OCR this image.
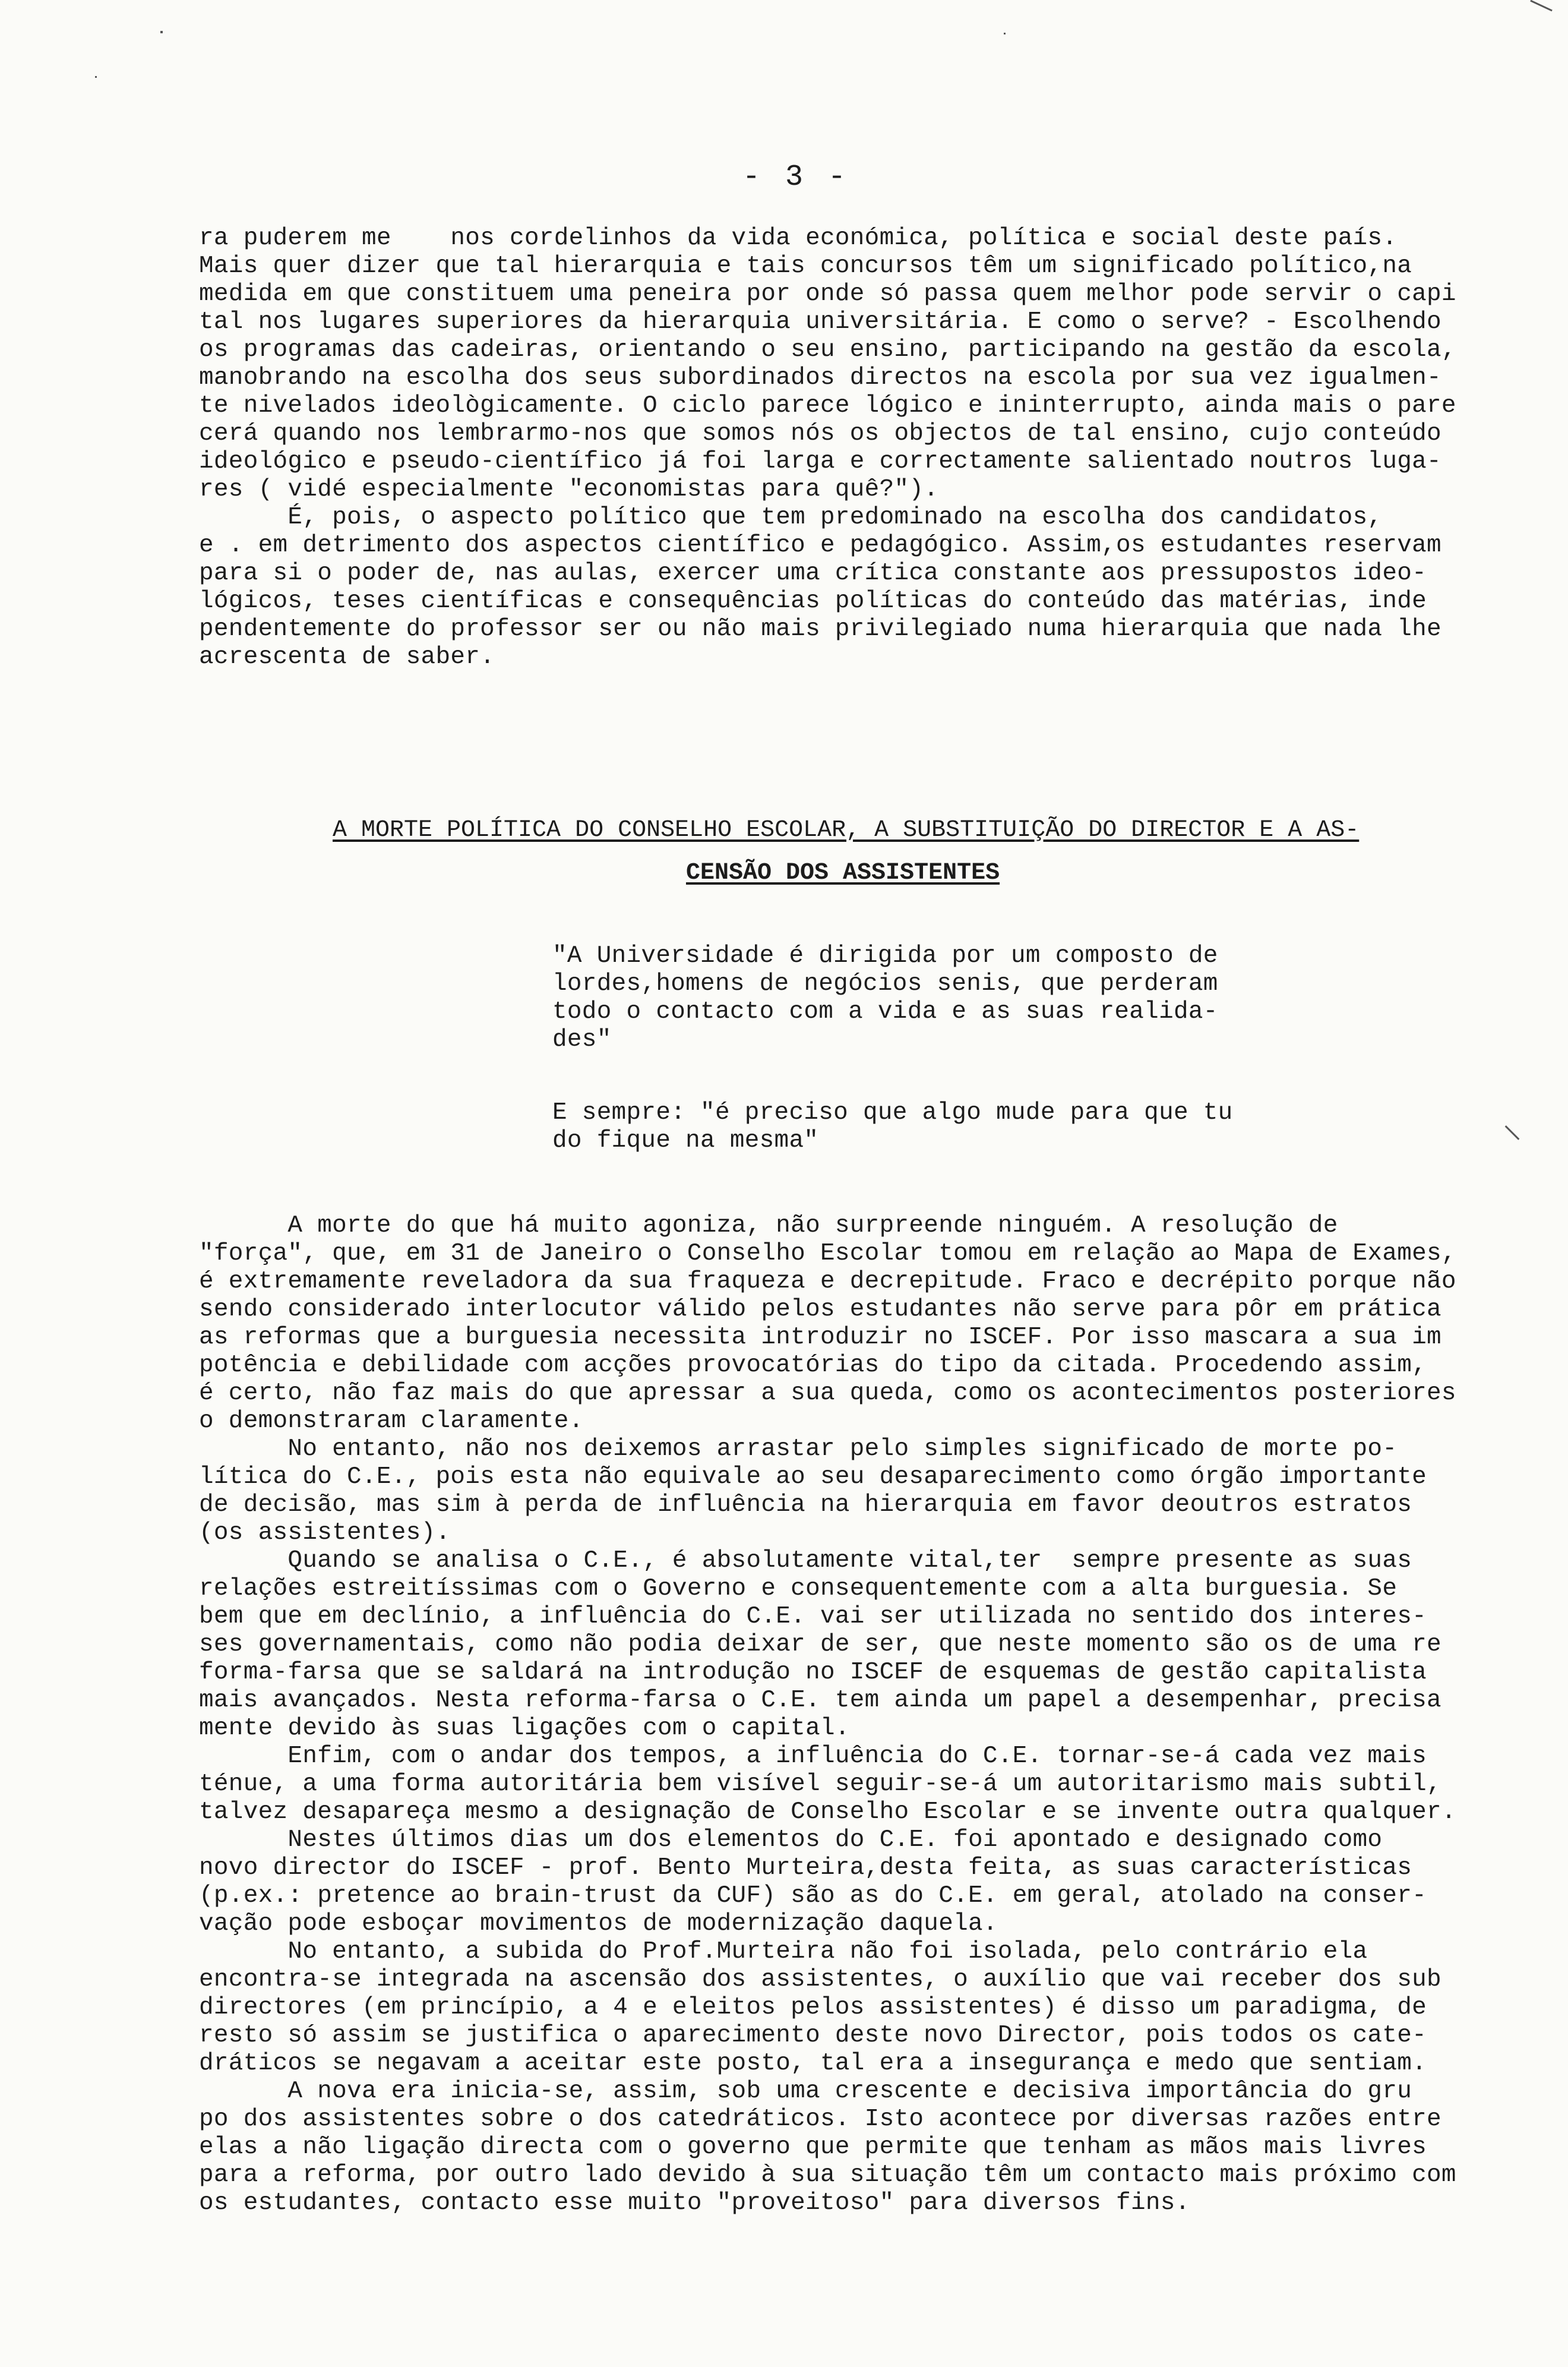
- 3 -

ra puderem me    nos cordelinhos da vida económica, política e social deste país.

Mais quer dizer que tal hierarquia e tais concursos têm um significado político,na

medida em que constituem uma peneira por onde só passa quem melhor pode servir o capi

tal nos lugares superiores da hierarquia universitária. E como o serve? - Escolhendo

os programas das cadeiras, orientando o seu ensino, participando na gestão da escola,

manobrando na escolha dos seus subordinados directos na escola por sua vez igualmen-

te nivelados ideològicamente. O ciclo parece lógico e ininterrupto, ainda mais o pare

cerá quando nos lembrarmo-nos que somos nós os objectos de tal ensino, cujo conteúdo

ideológico e pseudo-científico já foi larga e correctamente salientado noutros luga-

res ( vidé especialmente "economistas para quê?").

É, pois, o aspecto político que tem predominado na escolha dos candidatos,

e . em detrimento dos aspectos científico e pedagógico. Assim,os estudantes reservam

para si o poder de, nas aulas, exercer uma crítica constante aos pressupostos ideo-

lógicos, teses científicas e consequências políticas do conteúdo das matérias, inde

pendentemente do professor ser ou não mais privilegiado numa hierarquia que nada lhe

acrescenta de saber.

A MORTE POLÍTICA DO CONSELHO ESCOLAR, A SUBSTITUIÇÃO DO DIRECTOR E A AS-
CENSÃO DOS ASSISTENTES

"A Universidade é dirigida por um composto de

lordes,homens de negócios senis, que perderam

todo o contacto com a vida e as suas realida-

des"

E sempre: "é preciso que algo mude para que tu

do fique na mesma"

A morte do que há muito agoniza, não surpreende ninguém. A resolução de

"força", que, em 31 de Janeiro o Conselho Escolar tomou em relação ao Mapa de Exames,

é extremamente reveladora da sua fraqueza e decrepitude. Fraco e decrépito porque não

sendo considerado interlocutor válido pelos estudantes não serve para pôr em prática

as reformas que a burguesia necessita introduzir no ISCEF. Por isso mascara a sua im

potência e debilidade com acções provocatórias do tipo da citada. Procedendo assim,

é certo, não faz mais do que apressar a sua queda, como os acontecimentos posteriores

o demonstraram claramente.

No entanto, não nos deixemos arrastar pelo simples significado de morte po-

lítica do C.E., pois esta não equivale ao seu desaparecimento como órgão importante

de decisão, mas sim à perda de influência na hierarquia em favor deoutros estratos

(os assistentes).

Quando se analisa o C.E., é absolutamente vital,ter  sempre presente as suas

relações estreitíssimas com o Governo e consequentemente com a alta burguesia. Se

bem que em declínio, a influência do C.E. vai ser utilizada no sentido dos interes-

ses governamentais, como não podia deixar de ser, que neste momento são os de uma re

forma-farsa que se saldará na introdução no ISCEF de esquemas de gestão capitalista

mais avançados. Nesta reforma-farsa o C.E. tem ainda um papel a desempenhar, precisa

mente devido às suas ligações com o capital.

Enfim, com o andar dos tempos, a influência do C.E. tornar-se-á cada vez mais

ténue, a uma forma autoritária bem visível seguir-se-á um autoritarismo mais subtil,

talvez desapareça mesmo a designação de Conselho Escolar e se invente outra qualquer.

Nestes últimos dias um dos elementos do C.E. foi apontado e designado como

novo director do ISCEF - prof. Bento Murteira,desta feita, as suas características

(p.ex.: pretence ao brain-trust da CUF) são as do C.E. em geral, atolado na conser-

vação pode esboçar movimentos de modernização daquela.

No entanto, a subida do Prof.Murteira não foi isolada, pelo contrário ela

encontra-se integrada na ascensão dos assistentes, o auxílio que vai receber dos sub

directores (em princípio, a 4 e eleitos pelos assistentes) é disso um paradigma, de

resto só assim se justifica o aparecimento deste novo Director, pois todos os cate-

dráticos se negavam a aceitar este posto, tal era a insegurança e medo que sentiam.

A nova era inicia-se, assim, sob uma crescente e decisiva importância do gru

po dos assistentes sobre o dos catedráticos. Isto acontece por diversas razões entre

elas a não ligação directa com o governo que permite que tenham as mãos mais livres

para a reforma, por outro lado devido à sua situação têm um contacto mais próximo com

os estudantes, contacto esse muito "proveitoso" para diversos fins.
